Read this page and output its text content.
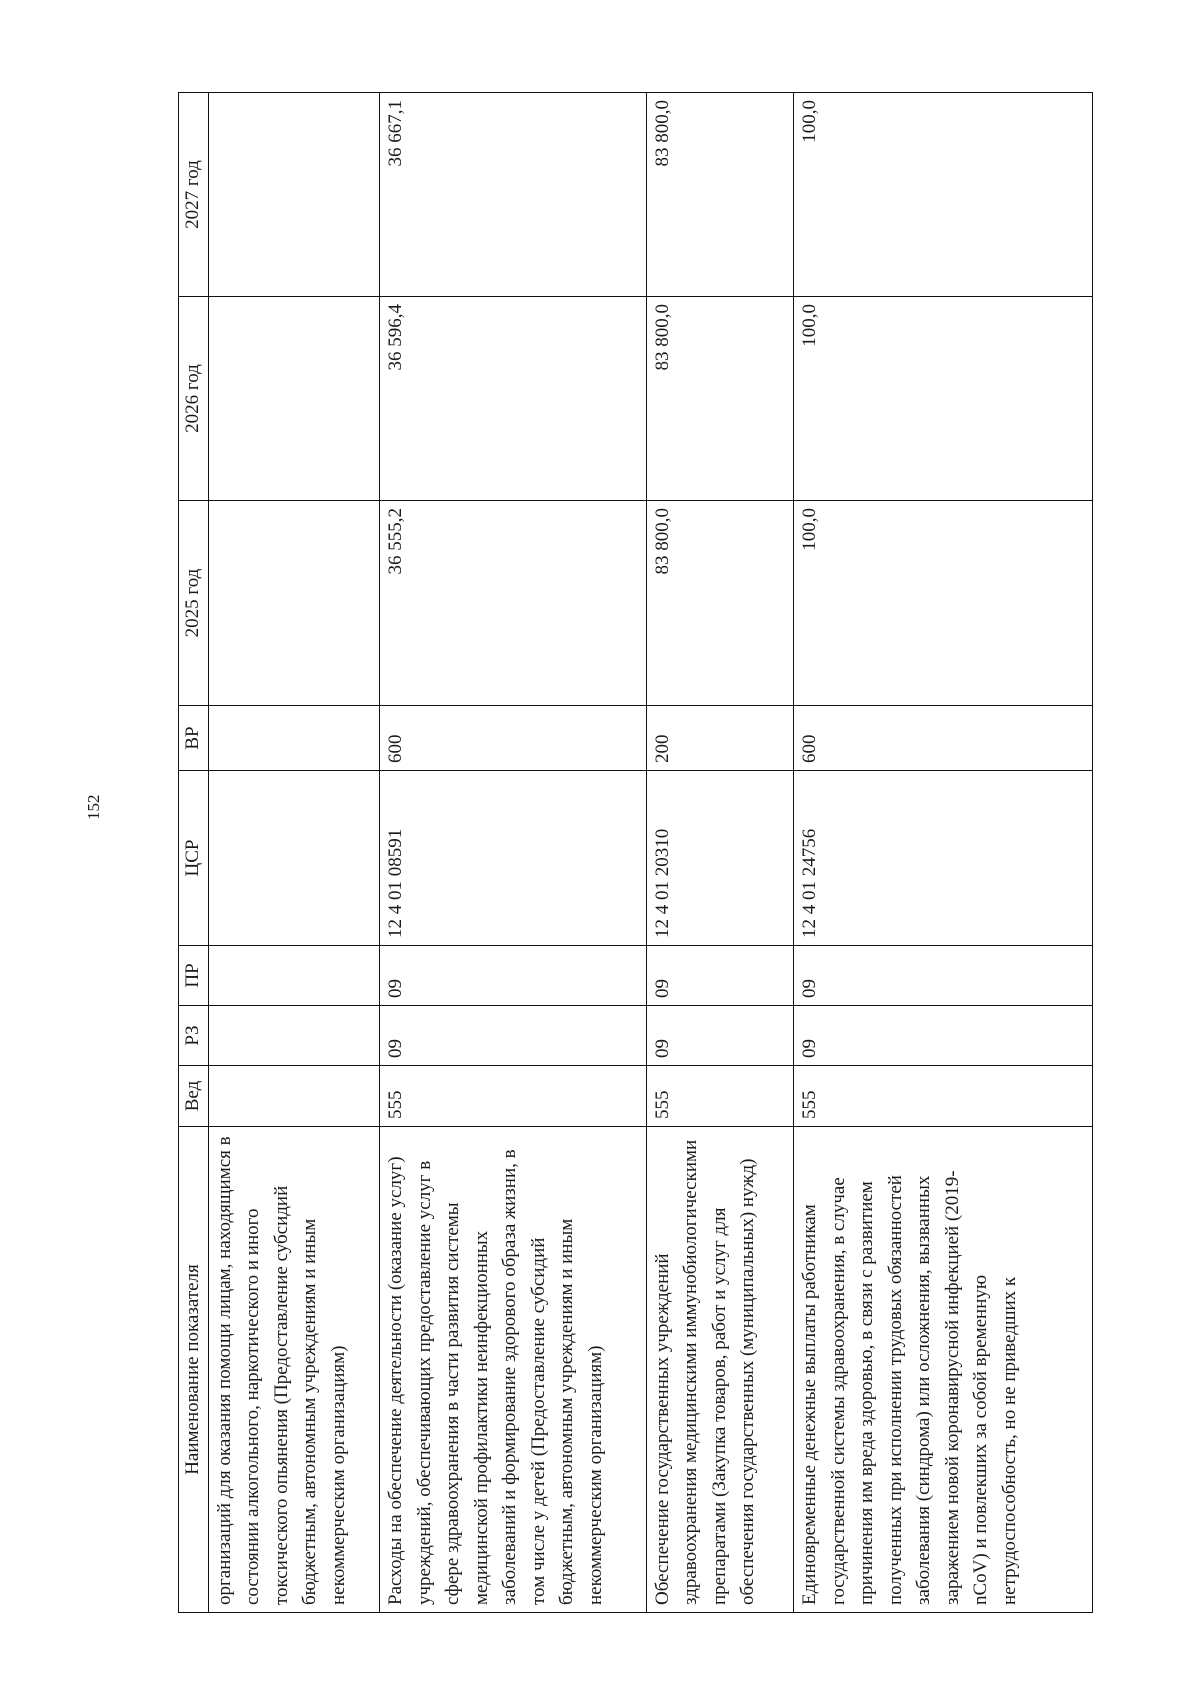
152
Наименование показателя	Вед	РЗ	ПР	ЦСР	ВР	2025 год	2026 год	2027 год
организаций для оказания помощи лицам, находящимся в состоянии алкогольного, наркотического и иного токсического опьянения (Предоставление субсидий бюджетным, автономным учреждениям и иным некоммерческим организациям)								
Расходы на обеспечение деятельности (оказание услуг) учреждений, обеспечивающих предоставление услуг в сфере здравоохранения в части развития системы медицинской профилактики неинфекционных заболеваний и формирование здорового образа жизни, в том числе у детей (Предоставление субсидий бюджетным, автономным учреждениям и иным некоммерческим организациям)	555	09	09	12 4 01 08591	600	36 555,2	36 596,4	36 667,1
Обеспечение государственных учреждений здравоохранения медицинскими иммунобиологическими препаратами (Закупка товаров, работ и услуг для обеспечения государственных (муниципальных) нужд)	555	09	09	12 4 01 20310	200	83 800,0	83 800,0	83 800,0
Единовременные денежные выплаты работникам государственной системы здравоохранения, в случае причинения им вреда здоровью, в связи с развитием полученных при исполнении трудовых обязанностей заболевания (синдрома) или осложнения, вызванных заражением новой коронавирусной инфекцией (2019- nCoV) и повлекших за собой временную нетрудоспособность, но не приведших к	555	09	09	12 4 01 24756	600	100,0	100,0	100,0
